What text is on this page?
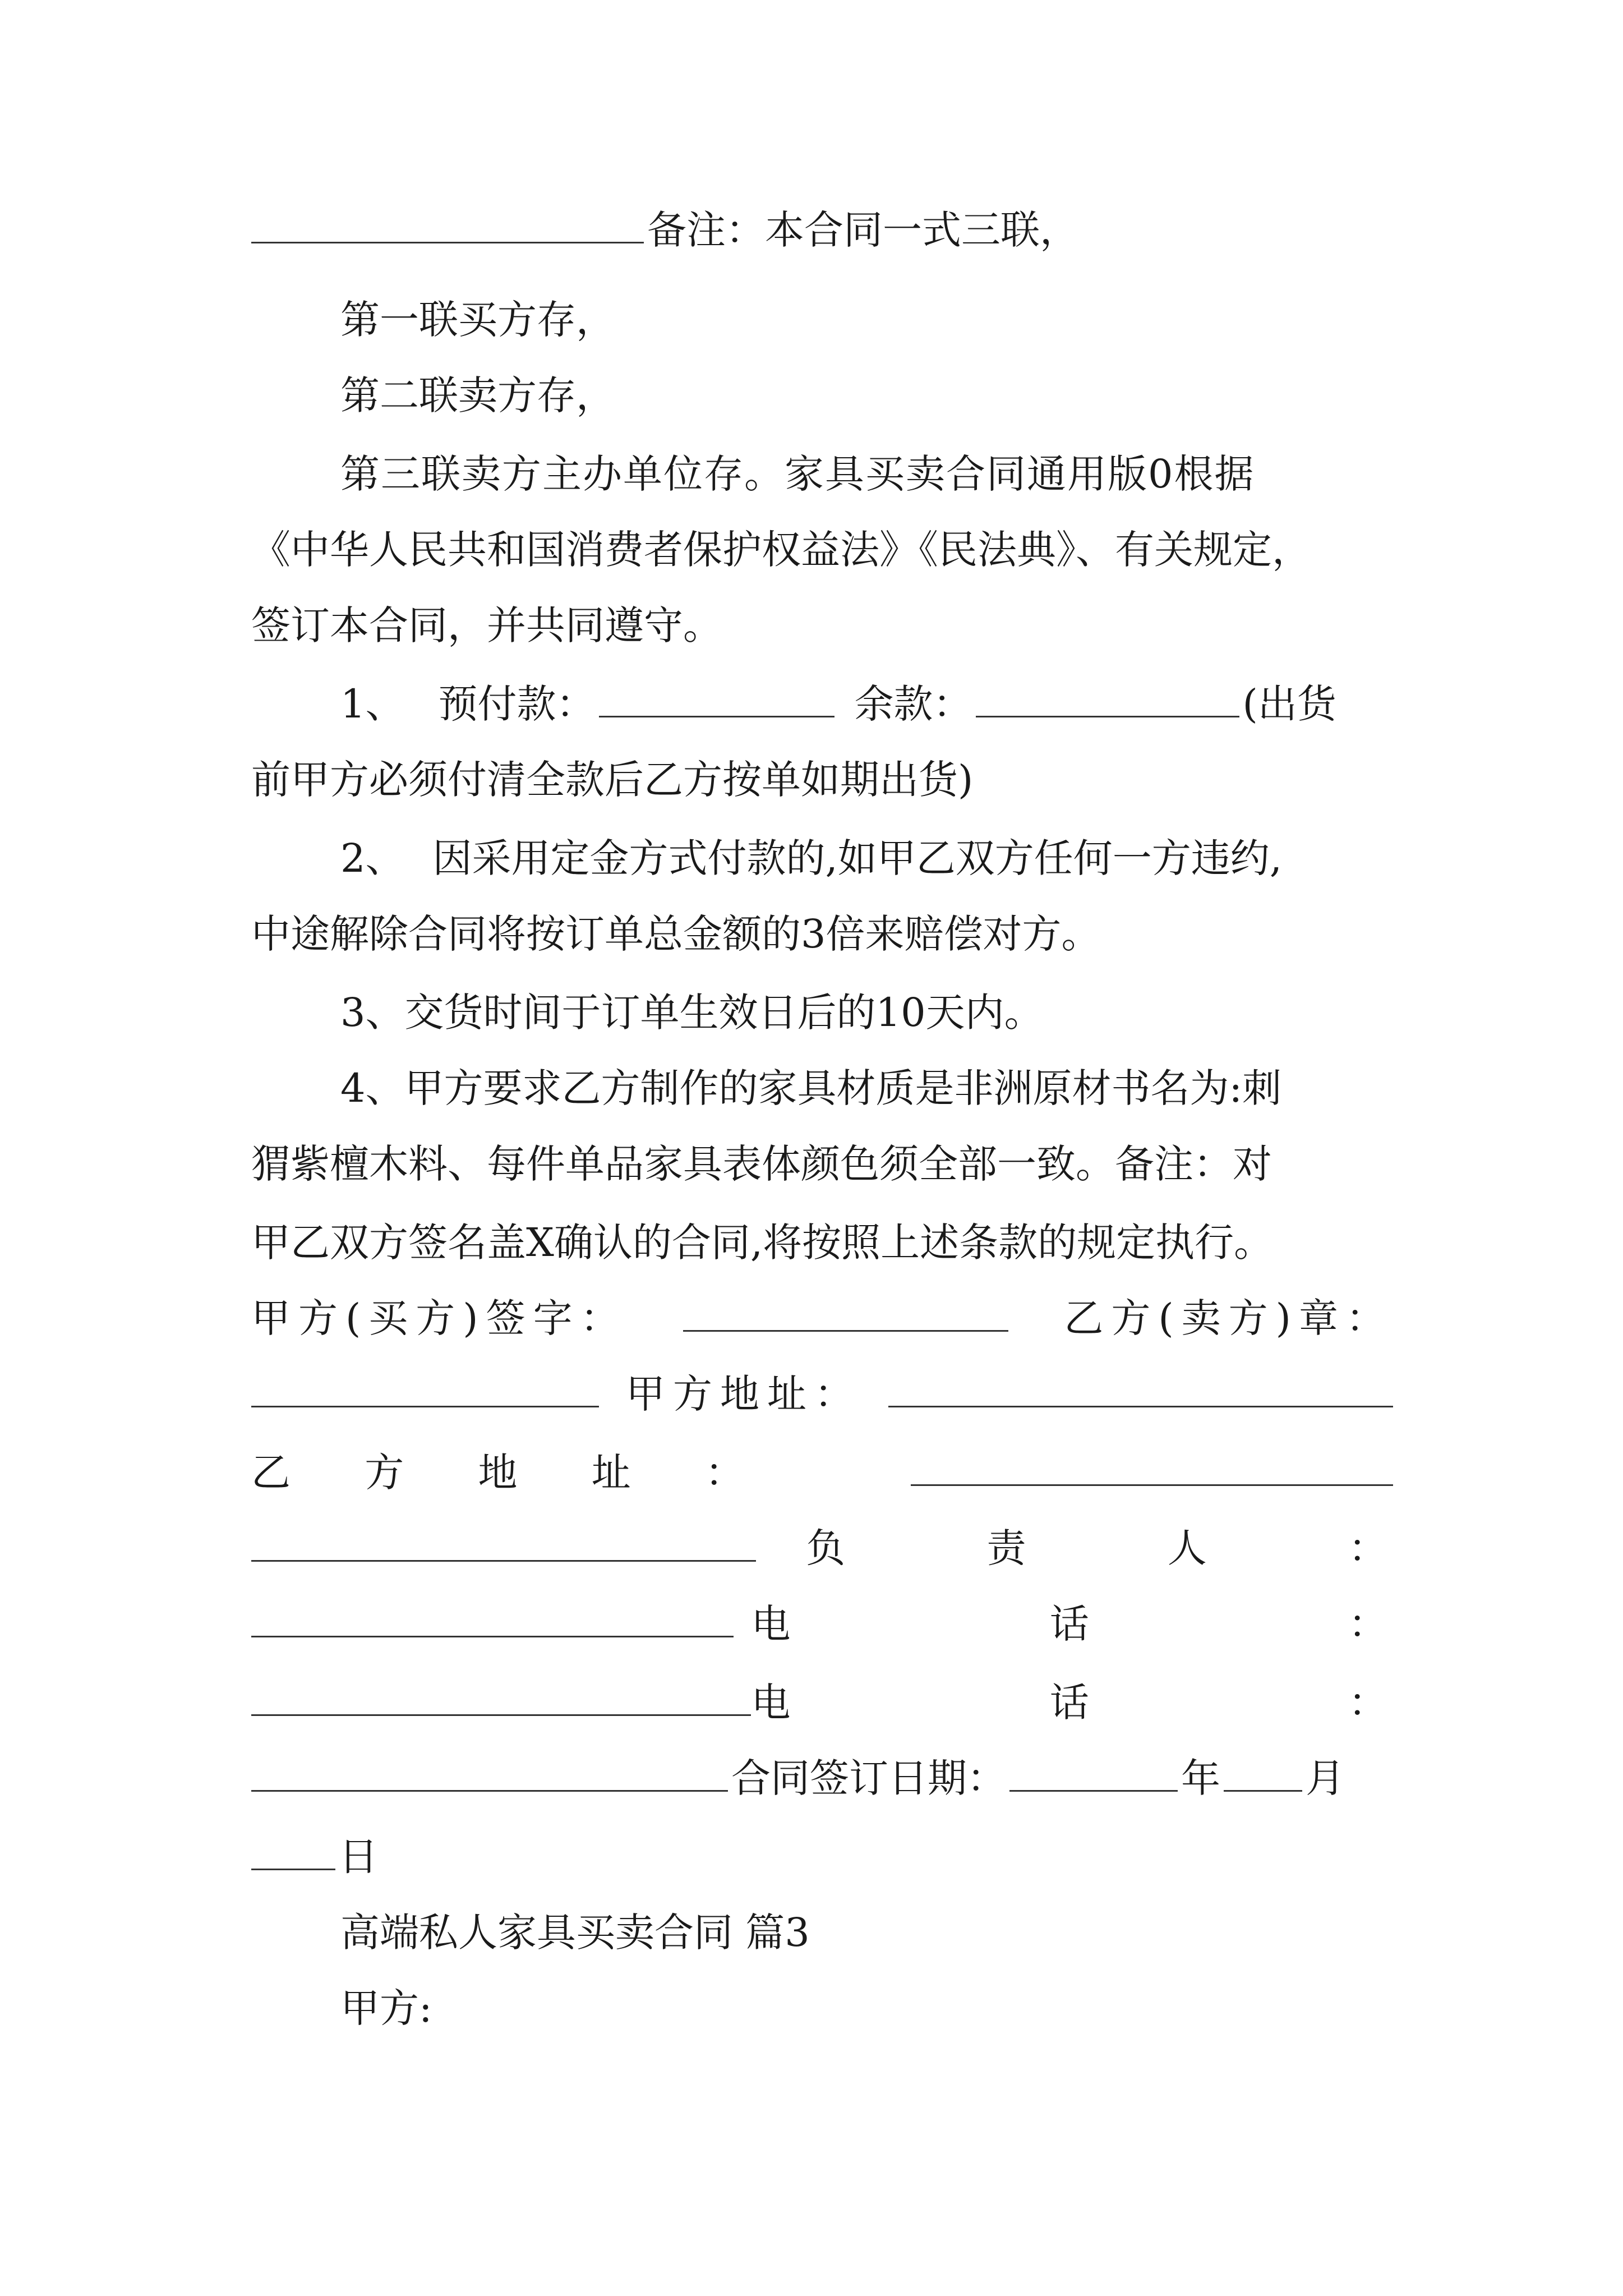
备注：本合同一式三联，
第一联买方存，
第二联卖方存，
第三联卖方主办单位存。家具买卖合同通用版0根据
《中华人民共和国消费者保护权益法》《民法典》、有关规定，
签订本合同，并共同遵守。
1、 预付款：	余款：	(出货
前甲方必须付清全款后乙方按单如期出货)
2、 因采用定金方式付款的,如甲乙双方任何一方违约,
中途解除合同将按订单总金额的3倍来赔偿对方。
3、交货时间于订单生效日后的10天内。
4、甲方要求乙方制作的家具材质是非洲原材书名为:刺
猬紫檀木料、每件单品家具表体颜色须全部一致。备注：对
甲乙双方签名盖X确认的合同,将按照上述条款的规定执行。
甲方(买方)签字：	乙方(卖方)章：
甲方地址：
乙 方 地 址 ：
负 责 人 ：
电 话 ：
电 话 ：
合同签订日期：	年 月
日
高端私人家具买卖合同 篇3
甲方:
